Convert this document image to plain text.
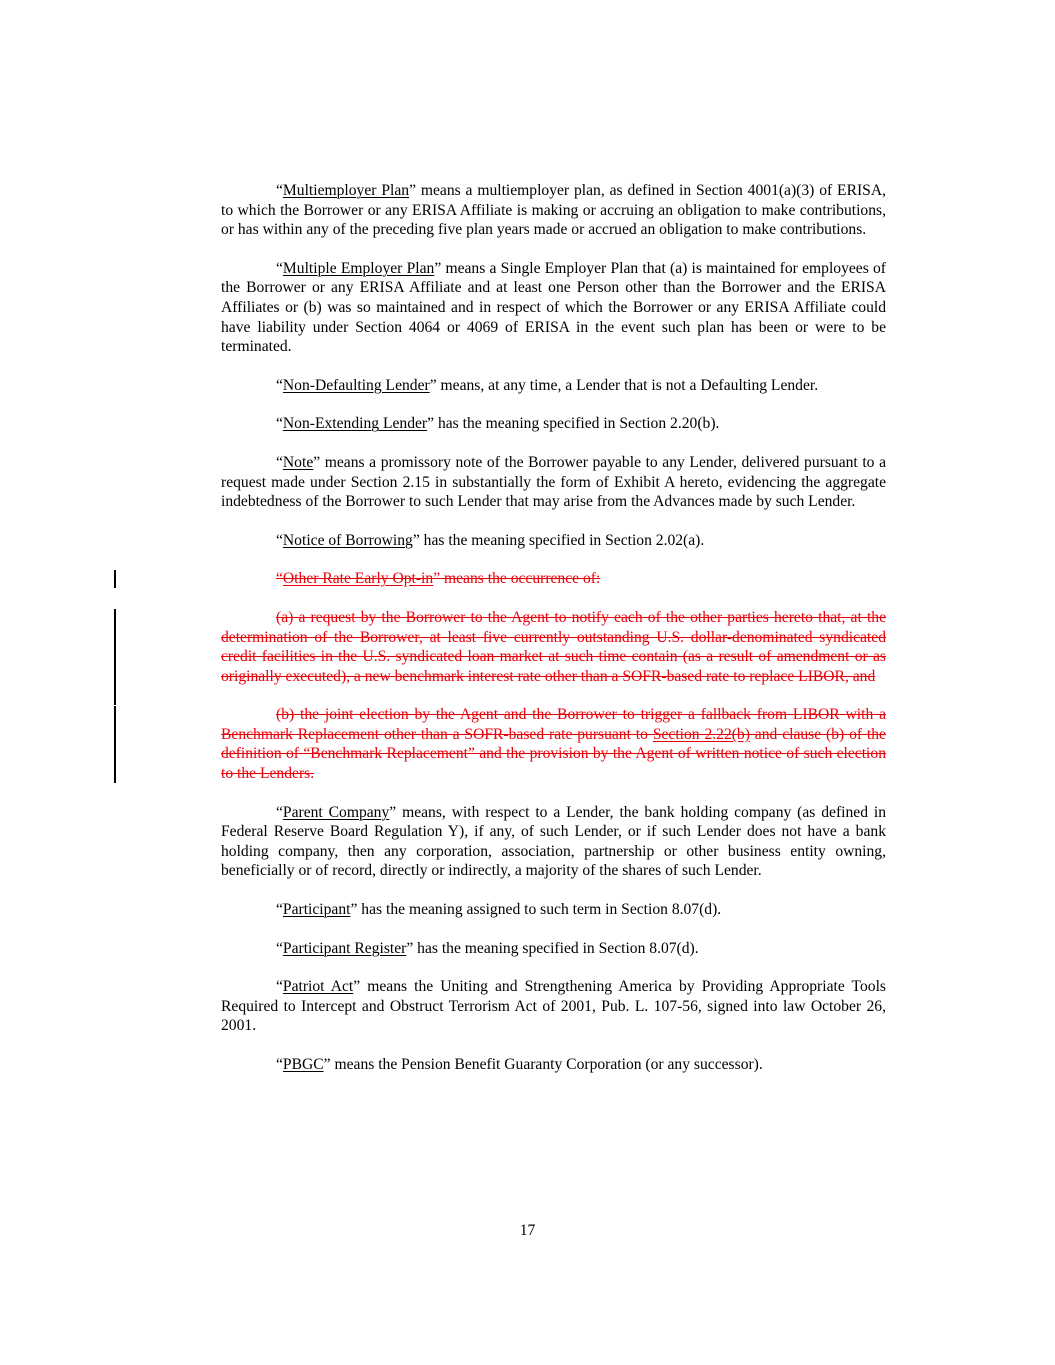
“Multiemployer Plan” means a multiemployer plan, as defined in Section 4001(a)(3) of ERISA, to which the Borrower or any ERISA Affiliate is making or accruing an obligation to make contributions, or has within any of the preceding five plan years made or accrued an obligation to make contributions.

“Multiple Employer Plan” means a Single Employer Plan that (a) is maintained for employees of the Borrower or any ERISA Affiliate and at least one Person other than the Borrower and the ERISA Affiliates or (b) was so maintained and in respect of which the Borrower or any ERISA Affiliate could have liability under Section 4064 or 4069 of ERISA in the event such plan has been or were to be terminated.

“Non-Defaulting Lender” means, at any time, a Lender that is not a Defaulting Lender.

“Non-Extending Lender” has the meaning specified in Section 2.20(b).

“Note” means a promissory note of the Borrower payable to any Lender, delivered pursuant to a request made under Section 2.15 in substantially the form of Exhibit A hereto, evidencing the aggregate indebtedness of the Borrower to such Lender that may arise from the Advances made by such Lender.

“Notice of Borrowing” has the meaning specified in Section 2.02(a).

“Other Rate Early Opt-in” means the occurrence of:

(a) a request by the Borrower to the Agent to notify each of the other parties hereto that, at the determination of the Borrower, at least five currently outstanding U.S. dollar-denominated syndicated credit facilities in the U.S. syndicated loan market at such time contain (as a result of amendment or as originally executed), a new benchmark interest rate other than a SOFR-based rate to replace LIBOR, and

(b) the joint election by the Agent and the Borrower to trigger a fallback from LIBOR with a Benchmark Replacement other than a SOFR-based rate pursuant to Section 2.22(b) and clause (b) of the definition of “Benchmark Replacement” and the provision by the Agent of written notice of such election to the Lenders.

“Parent Company” means, with respect to a Lender, the bank holding company (as defined in Federal Reserve Board Regulation Y), if any, of such Lender, or if such Lender does not have a bank holding company, then any corporation, association, partnership or other business entity owning, beneficially or of record, directly or indirectly, a majority of the shares of such Lender.

“Participant” has the meaning assigned to such term in Section 8.07(d).

“Participant Register” has the meaning specified in Section 8.07(d).

“Patriot Act” means the Uniting and Strengthening America by Providing Appropriate Tools Required to Intercept and Obstruct Terrorism Act of 2001, Pub. L. 107-56, signed into law October 26, 2001.

“PBGC” means the Pension Benefit Guaranty Corporation (or any successor).

17
